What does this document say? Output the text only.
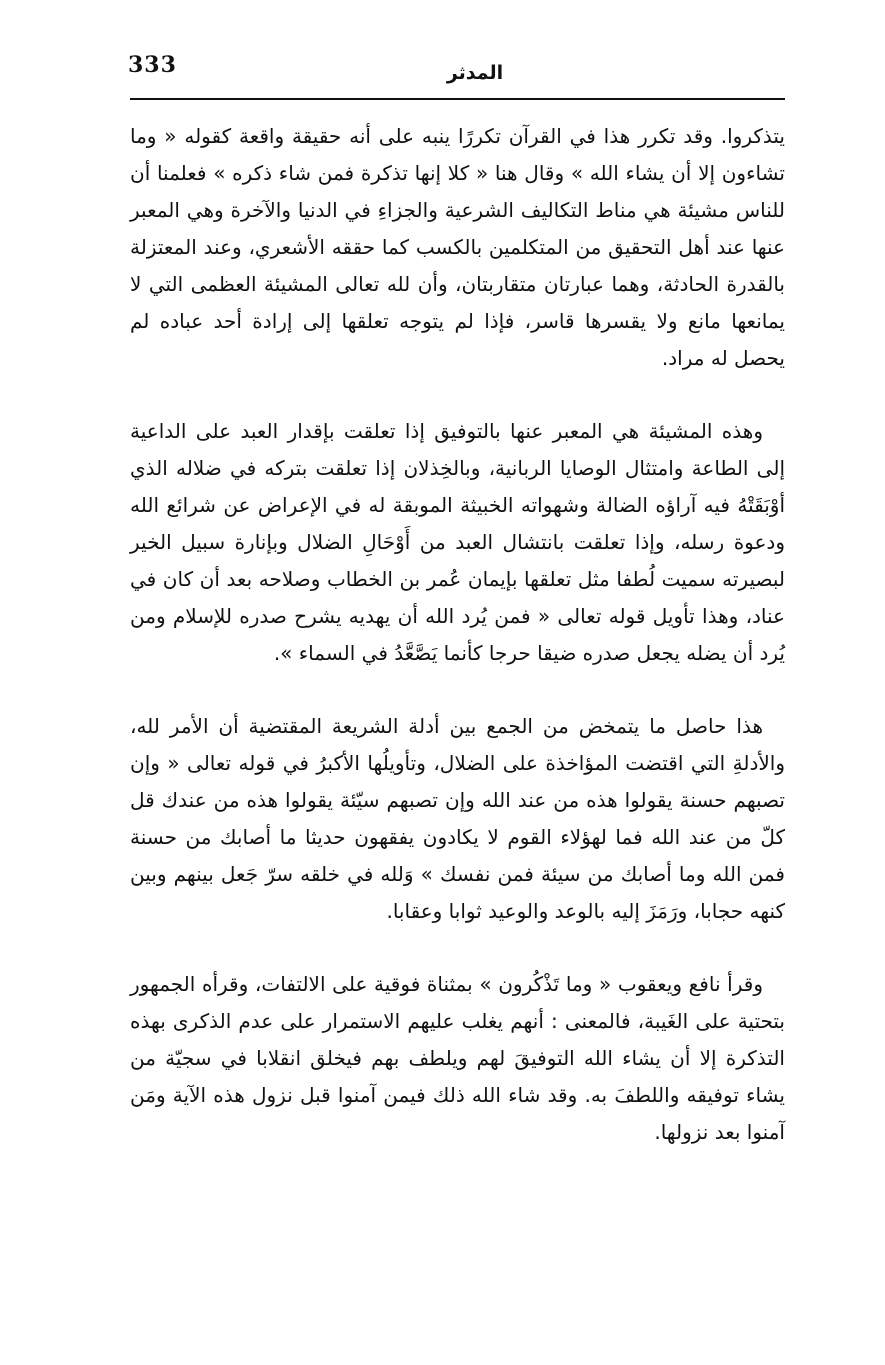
333	المدثر

يتذكروا. وقد تكرر هذا في القرآن تكررًا ينبه على أنه حقيقة واقعة كقوله « وما تشاءون إلا أن يشاء الله » وقال هنا « كلا إنها تذكرة فمن شاء ذكره » فعلمنا أن للناس مشيئة هي مناط التكاليف الشرعية والجزاءِ في الدنيا والآخرة وهي المعبر عنها عند أهل التحقيق من المتكلمين بالكسب كما حققه الأشعري، وعند المعتزلة بالقدرة الحادثة، وهما عبارتان متقاربتان، وأن لله تعالى المشيئة العظمى التي لا يمانعها مانع ولا يقسرها قاسر، فإذا لم يتوجه تعلقها إلى إرادة أحد عباده لم يحصل له مراد.

وهذه المشيئة هي المعبر عنها بالتوفيق إذا تعلقت بإقدار العبد على الداعية إلى الطاعة وامتثال الوصايا الربانية، وبالخِذلان إذا تعلقت بتركه في ضلاله الذي أوْبَقَتْهُ فيه آراؤه الضالة وشهواته الخبيثة الموبقة له في الإعراض عن شرائع الله ودعوة رسله، وإذا تعلقت بانتشال العبد من أَوْحَالِ الضلال وبإنارة سبيل الخير لبصيرته سميت لُطفا مثل تعلقها بإيمان عُمر بن الخطاب وصلاحه بعد أن كان في عناد، وهذا تأويل قوله تعالى « فمن يُرد الله أن يهديه يشرح صدره للإسلام ومن يُرد أن يضله يجعل صدره ضيقا حرجا كأنما يَصَّعَّدُ في السماء ».

هذا حاصل ما يتمخض من الجمع بين أدلة الشريعة المقتضية أن الأمر لله، والأدلةِ التي اقتضت المؤاخذة على الضلال، وتأويلُها الأكبرُ في قوله تعالى « وإن تصبهم حسنة يقولوا هذه من عند الله وإن تصبهم سيّئة يقولوا هذه من عندك قل كلّ من عند الله فما لهؤلاء القوم لا يكادون يفقهون حديثا ما أصابك من حسنة فمن الله وما أصابك من سيئة فمن نفسك » وَلله في خلقه سرّ جَعل بينهم وبين كنهه حجابا، ورَمَزَ إليه بالوعد والوعيد ثوابا وعقابا.

وقرأ نافع ويعقوب « وما تَذْكُرون » بمثناة فوقية على الالتفات، وقرأه الجمهور بتحتية على الغَيبة، فالمعنى : أنهم يغلب عليهم الاستمرار على عدم الذكرى بهذه التذكرة إلا أن يشاء الله التوفيقَ لهم ويلطف بهم فيخلق انقلابا في سجيّة من يشاء توفيقه واللطفَ به. وقد شاء الله ذلك فيمن آمنوا قبل نزول هذه الآية ومَن آمنوا بعد نزولها.
